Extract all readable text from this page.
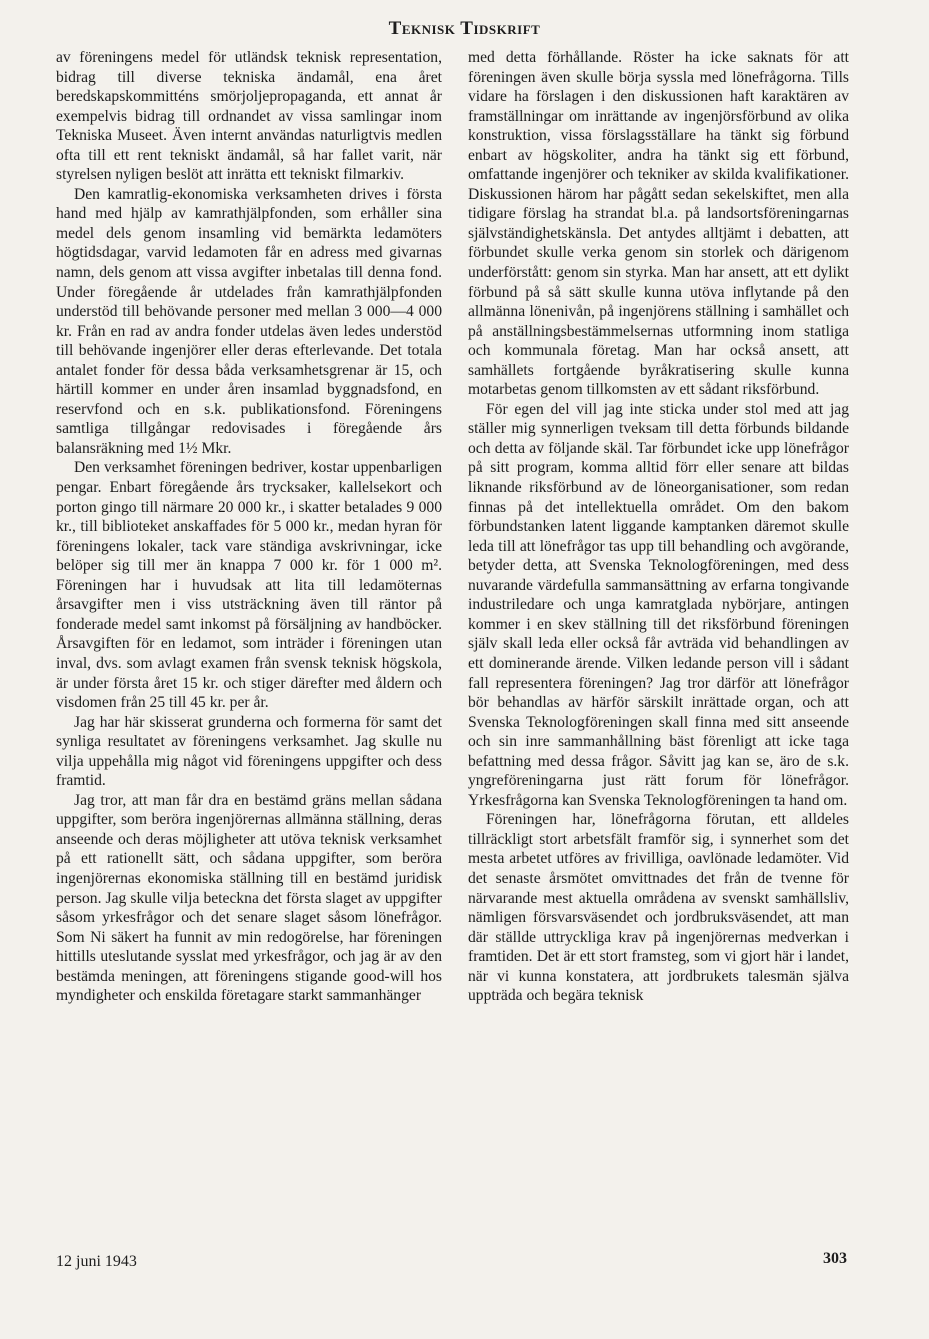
Teknisk Tidskrift

av föreningens medel för utländsk teknisk representation, bidrag till diverse tekniska ändamål, ena året beredskapskommitténs smörjoljepropaganda, ett annat år exempelvis bidrag till ordnandet av vissa samlingar inom Tekniska Museet. Även internt användas naturligtvis medlen ofta till ett rent tekniskt ändamål, så har fallet varit, när styrelsen nyligen beslöt att inrätta ett tekniskt filmarkiv.

Den kamratlig-ekonomiska verksamheten drives i första hand med hjälp av kamrathjälpfonden, som erhåller sina medel dels genom insamling vid bemärkta ledamöters högtidsdagar, varvid ledamoten får en adress med givarnas namn, dels genom att vissa avgifter inbetalas till denna fond. Under föregående år utdelades från kamrathjälpfonden understöd till behövande personer med mellan 3 000—4 000 kr. Från en rad av andra fonder utdelas även ledes understöd till behövande ingenjörer eller deras efterlevande. Det totala antalet fonder för dessa båda verksamhetsgrenar är 15, och härtill kommer en under åren insamlad byggnadsfond, en reservfond och en s.k. publikationsfond. Föreningens samtliga tillgångar redovisades i föregående års balansräkning med 1½ Mkr.

Den verksamhet föreningen bedriver, kostar uppenbarligen pengar. Enbart föregående års trycksaker, kallelsekort och porton gingo till närmare 20 000 kr., i skatter betalades 9 000 kr., till biblioteket anskaffades för 5 000 kr., medan hyran för föreningens lokaler, tack vare ständiga avskrivningar, icke belöper sig till mer än knappa 7 000 kr. för 1 000 m². Föreningen har i huvudsak att lita till ledamöternas årsavgifter men i viss utsträckning även till räntor på fonderade medel samt inkomst på försäljning av handböcker. Årsavgiften för en ledamot, som inträder i föreningen utan inval, dvs. som avlagt examen från svensk teknisk högskola, är under första året 15 kr. och stiger därefter med åldern och visdomen från 25 till 45 kr. per år.

Jag har här skisserat grunderna och formerna för samt det synliga resultatet av föreningens verksamhet. Jag skulle nu vilja uppehålla mig något vid föreningens uppgifter och dess framtid.

Jag tror, att man får dra en bestämd gräns mellan sådana uppgifter, som beröra ingenjörernas allmänna ställning, deras anseende och deras möjligheter att utöva teknisk verksamhet på ett rationellt sätt, och sådana uppgifter, som beröra ingenjörernas ekonomiska ställning till en bestämd juridisk person. Jag skulle vilja beteckna det första slaget av uppgifter såsom yrkesfrågor och det senare slaget såsom lönefrågor. Som Ni säkert ha funnit av min redogörelse, har föreningen hittills uteslutande sysslat med yrkesfrågor, och jag är av den bestämda meningen, att föreningens stigande good-will hos myndigheter och enskilda företagare starkt sammanhänger

med detta förhållande. Röster ha icke saknats för att föreningen även skulle börja syssla med lönefrågorna. Tills vidare ha förslagen i den diskussionen haft karaktären av framställningar om inrättande av ingenjörsförbund av olika konstruktion, vissa förslagsställare ha tänkt sig förbund enbart av högskoliter, andra ha tänkt sig ett förbund, omfattande ingenjörer och tekniker av skilda kvalifikationer. Diskussionen härom har pågått sedan sekelskiftet, men alla tidigare förslag ha strandat bl.a. på landsortsföreningarnas självständighetskänsla. Det antydes alltjämt i debatten, att förbundet skulle verka genom sin storlek och därigenom underförstått: genom sin styrka. Man har ansett, att ett dylikt förbund på så sätt skulle kunna utöva inflytande på den allmänna lönenivån, på ingenjörens ställning i samhället och på anställningsbestämmelsernas utformning inom statliga och kommunala företag. Man har också ansett, att samhällets fortgående byråkratisering skulle kunna motarbetas genom tillkomsten av ett sådant riksförbund.

För egen del vill jag inte sticka under stol med att jag ställer mig synnerligen tveksam till detta förbunds bildande och detta av följande skäl. Tar förbundet icke upp lönefrågor på sitt program, komma alltid förr eller senare att bildas liknande riksförbund av de löneorganisationer, som redan finnas på det intellektuella området. Om den bakom förbundstanken latent liggande kamptanken däremot skulle leda till att lönefrågor tas upp till behandling och avgörande, betyder detta, att Svenska Teknologföreningen, med dess nuvarande värdefulla sammansättning av erfarna tongivande industriledare och unga kamratglada nybörjare, antingen kommer i en skev ställning till det riksförbund föreningen själv skall leda eller också får avträda vid behandlingen av ett dominerande ärende. Vilken ledande person vill i sådant fall representera föreningen? Jag tror därför att lönefrågor bör behandlas av härför särskilt inrättade organ, och att Svenska Teknologföreningen skall finna med sitt anseende och sin inre sammanhållning bäst förenligt att icke taga befattning med dessa frågor. Såvitt jag kan se, äro de s.k. yngreföreningarna just rätt forum för lönefrågor. Yrkesfrågorna kan Svenska Teknologföreningen ta hand om.

Föreningen har, lönefrågorna förutan, ett alldeles tillräckligt stort arbetsfält framför sig, i synnerhet som det mesta arbetet utföres av frivilliga, oavlönade ledamöter. Vid det senaste årsmötet omvittnades det från de tvenne för närvarande mest aktuella områdena av svenskt samhällsliv, nämligen försvarsväsendet och jordbruksväsendet, att man där ställde uttryckliga krav på ingenjörernas medverkan i framtiden. Det är ett stort framsteg, som vi gjort här i landet, när vi kunna konstatera, att jordbrukets talesmän själva uppträda och begära teknisk

12 juni 1943	303
